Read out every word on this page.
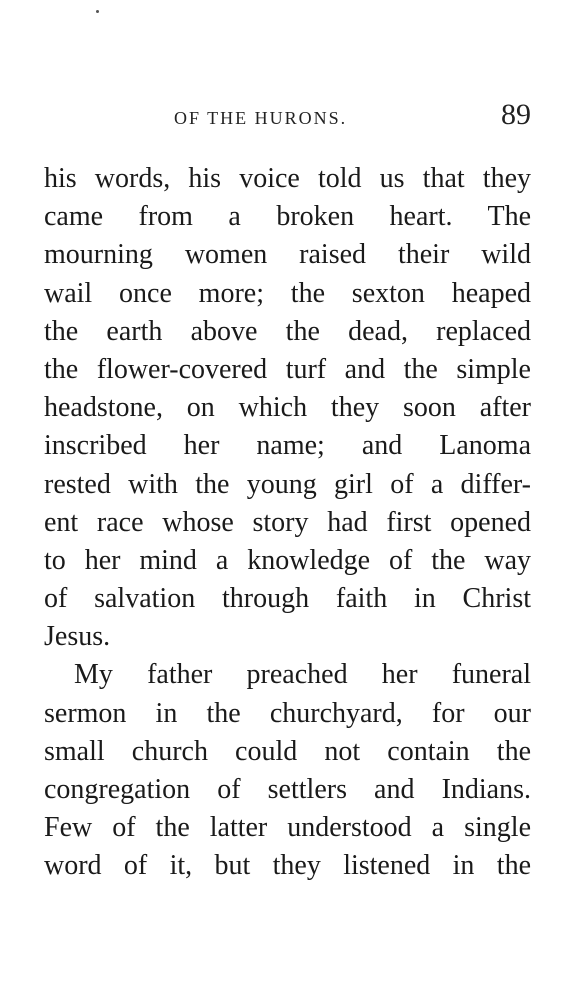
OF THE HURONS.	89
his words, his voice told us that they
came from a broken heart. The
mourning women raised their wild
wail once more; the sexton heaped
the earth above the dead, replaced
the flower-covered turf and the simple
headstone, on which they soon after
inscribed her name; and Lanoma
rested with the young girl of a differ-
ent race whose story had first opened
to her mind a knowledge of the way
of salvation through faith in Christ
Jesus.
My father preached her funeral
sermon in the churchyard, for our
small church could not contain the
congregation of settlers and Indians.
Few of the latter understood a single
word of it, but they listened in the
